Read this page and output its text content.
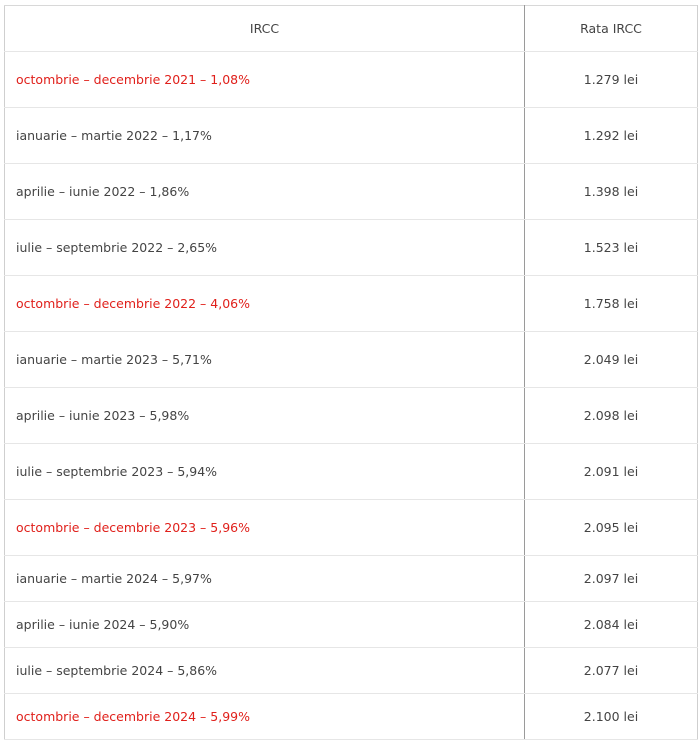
IRCC	Rata IRCC
octombrie – decembrie 2021 – 1,08%	1.279 lei
ianuarie – martie 2022 – 1,17%	1.292 lei
aprilie – iunie 2022 – 1,86%	1.398 lei
iulie – septembrie 2022 – 2,65%	1.523 lei
octombrie – decembrie 2022 – 4,06%	1.758 lei
ianuarie – martie 2023 – 5,71%	2.049 lei
aprilie – iunie 2023 – 5,98%	2.098 lei
iulie – septembrie 2023 – 5,94%	2.091 lei
octombrie – decembrie 2023 – 5,96%	2.095 lei
ianuarie – martie 2024 – 5,97%	2.097 lei
aprilie – iunie 2024 – 5,90%	2.084 lei
iulie – septembrie 2024 – 5,86%	2.077 lei
octombrie – decembrie 2024 – 5,99%	2.100 lei
